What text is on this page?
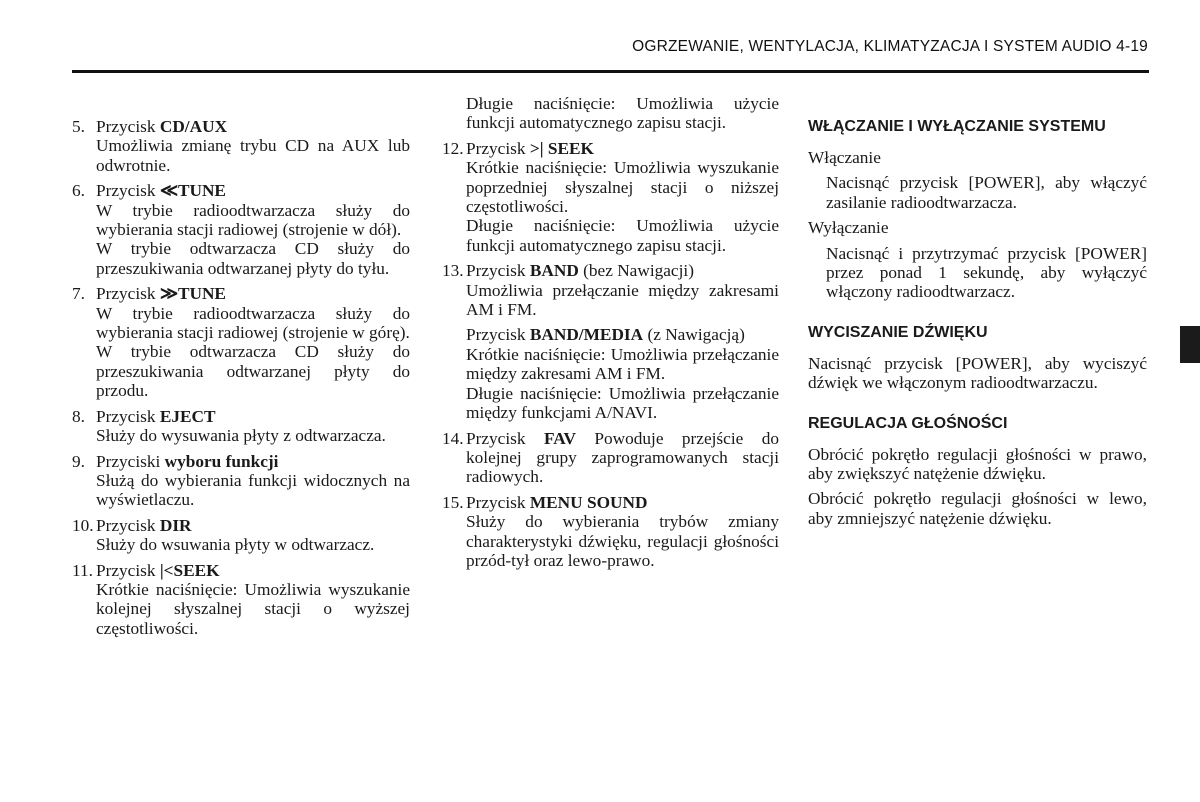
OGRZEWANIE, WENTYLACJA, KLIMATYZACJA I SYSTEM AUDIO 4-19
5. Przycisk CD/AUX

Umożliwia zmianę trybu CD na AUX lub odwrotnie.

6. Przycisk ≪TUNE

W trybie radioodtwarzacza służy do wybierania stacji radiowej (strojenie w dół).

W trybie odtwarzacza CD służy do przeszukiwania odtwarzanej płyty do tyłu.

7. Przycisk ≫TUNE

W trybie radioodtwarzacza służy do wybierania stacji radiowej (strojenie w górę).

W trybie odtwarzacza CD służy do przeszukiwania odtwarzanej płyty do przodu.

8. Przycisk EJECT

Służy do wysuwania płyty z odtwarzacza.

9. Przyciski wyboru funkcji

Służą do wybierania funkcji widocznych na wyświetlaczu.

10. Przycisk DIR

Służy do wsuwania płyty w odtwarzacz.

11. Przycisk |<SEEK

Krótkie naciśnięcie: Umożliwia wyszukanie kolejnej słyszalnej stacji o wyższej częstotliwości.

Długie naciśnięcie: Umożliwia użycie funkcji automatycznego zapisu stacji.

12. Przycisk >| SEEK

Krótkie naciśnięcie: Umożliwia wyszukanie poprzedniej słyszalnej stacji o niższej częstotliwości.

Długie naciśnięcie: Umożliwia użycie funkcji automatycznego zapisu stacji.

13. Przycisk BAND (bez Nawigacji)

Umożliwia przełączanie między zakresami AM i FM.

Przycisk BAND/MEDIA (z Nawigacją)

Krótkie naciśnięcie: Umożliwia przełączanie między zakresami AM i FM.

Długie naciśnięcie: Umożliwia przełączanie między funkcjami A/NAVI.

14. Przycisk FAV Powoduje przejście do kolejnej grupy zaprogramowanych stacji radiowych.

15. Przycisk MENU SOUND

Służy do wybierania trybów zmiany charakterystyki dźwięku, regulacji głośności przód-tył oraz lewo-prawo.

WŁĄCZANIE I WYŁĄCZANIE SYSTEMU

Włączanie

Nacisnąć przycisk [POWER], aby włączyć zasilanie radioodtwarzacza.

Wyłączanie

Nacisnąć i przytrzymać przycisk [POWER] przez ponad 1 sekundę, aby wyłączyć włączony radioodtwarzacz.

WYCISZANIE DŹWIĘKU

Nacisnąć przycisk [POWER], aby wyciszyć dźwięk we włączonym radioodtwarzaczu.

REGULACJA GŁOŚNOŚCI

Obrócić pokrętło regulacji głośności w prawo, aby zwiększyć natężenie dźwięku.

Obrócić pokrętło regulacji głośności w lewo, aby zmniejszyć natężenie dźwięku.
